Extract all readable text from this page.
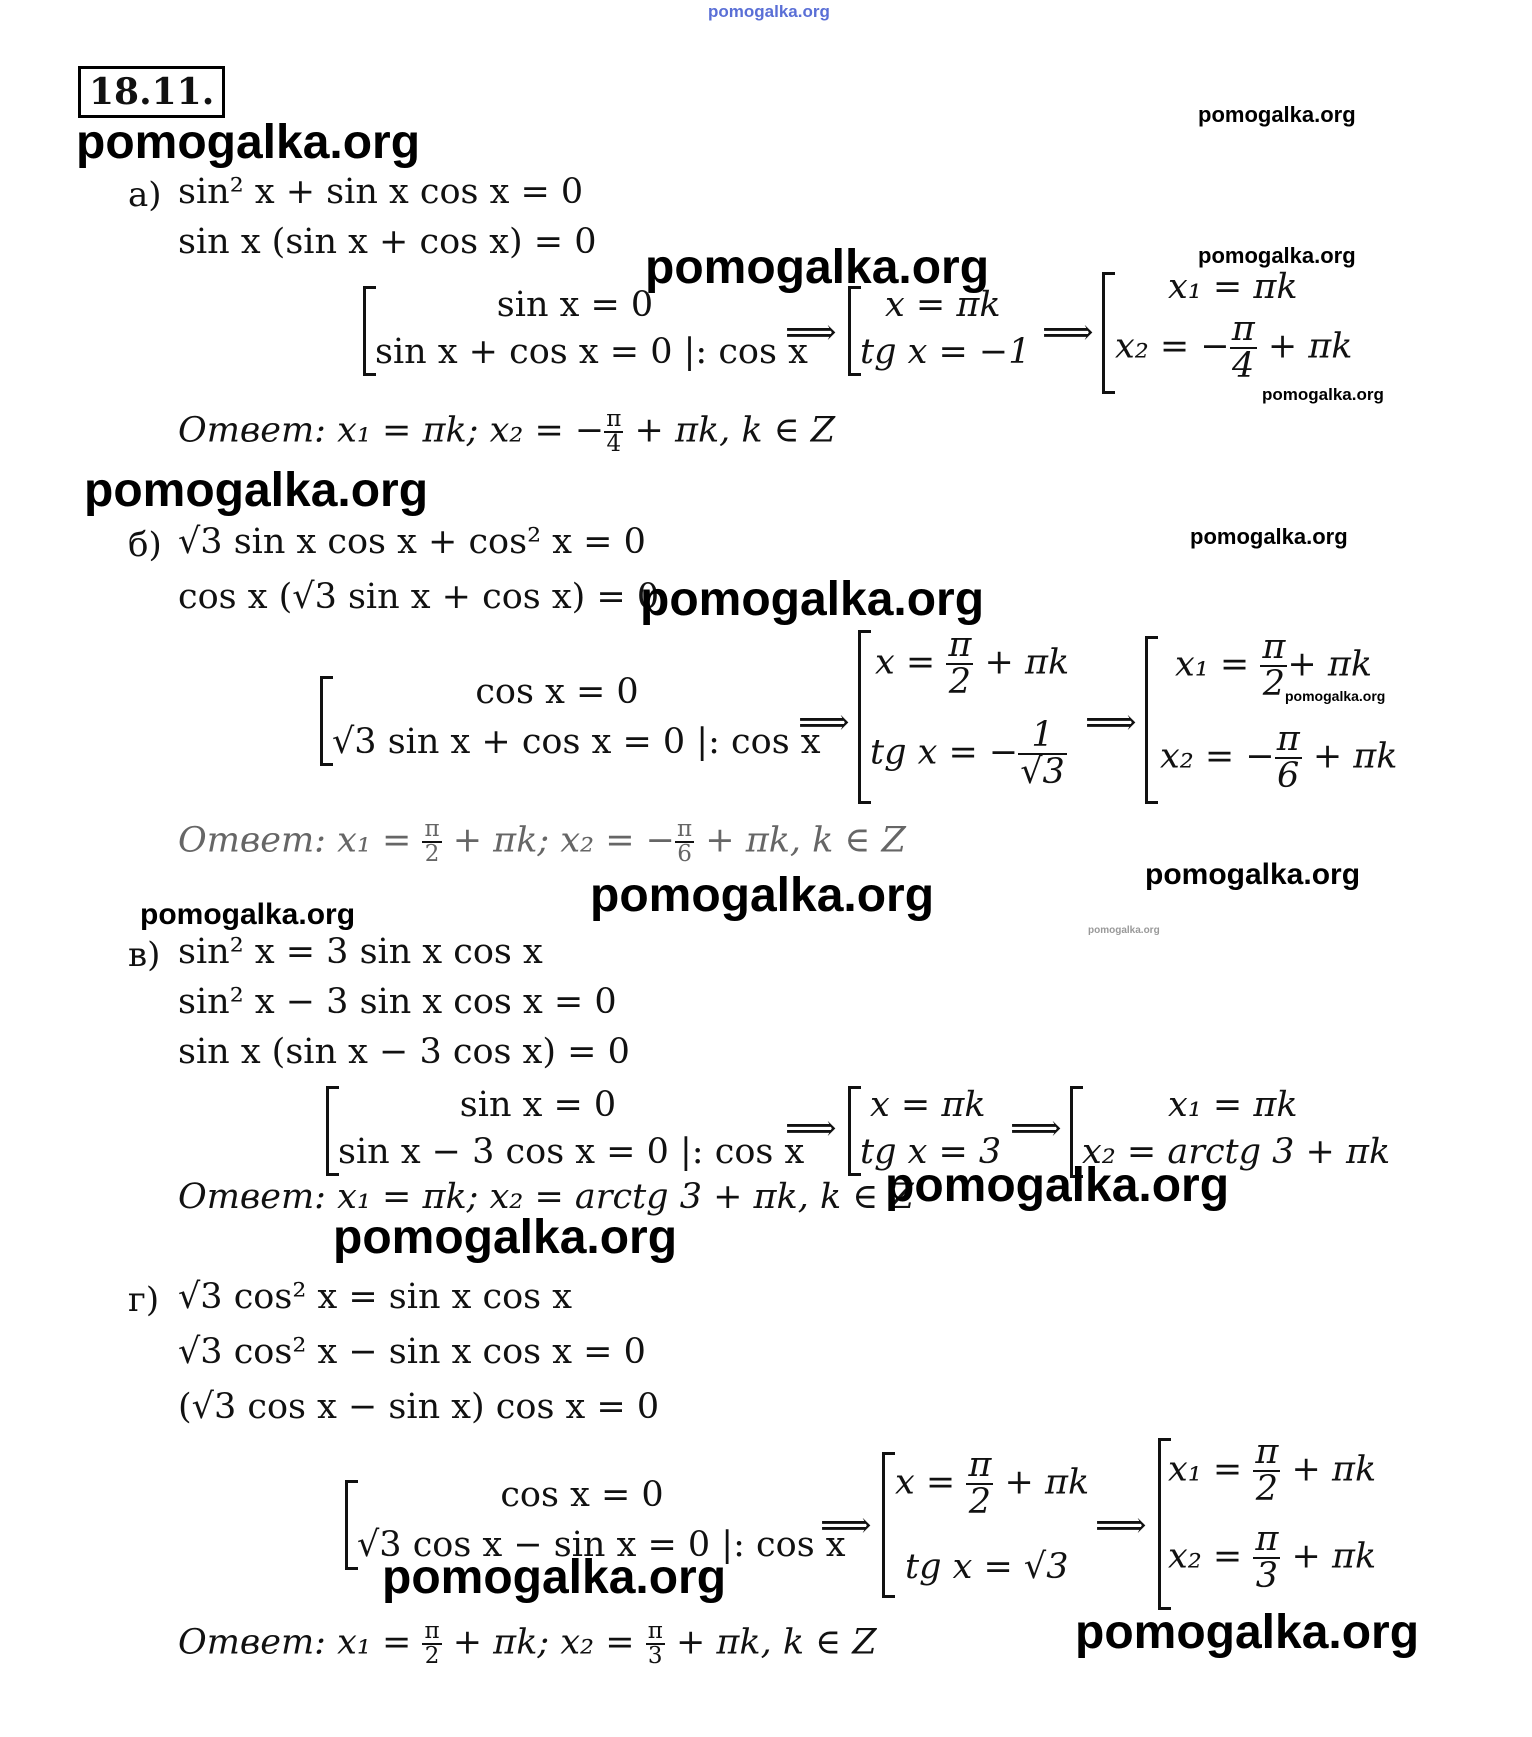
pomogalka.org
18.11.
pomogalka.org
pomogalka.org
а) sin² x + sin x cos x = 0
sin x (sin x + cos x) = 0 pomogalka.org	pomogalka.org
sin x = 0
sin x + cos x = 0 |: cos x
⟹
x = πk
tg x = −1 ⟹
x₁ = πk
x₂ = − $\frac{\pi}{4} + \pi k$
pomogalka.org
Ответ: x₁ = πk; x₂ = − $\frac{\pi}{4} + \pi k$, k ∈ Z
pomogalka.org
б) √3 sin x cos x + cos² x = 0	pomogalka.org
cos x (√3 sin x + cos x) = 0
pomogalka.org
cos x = 0
√3 sin x + cos x = 0 |: cos x
⟹
$x = \frac{\pi}{2} + \pi k$
tg x = − $\frac{1}{√3}$ ⟹
$x_1 = \frac{\pi}{2} + \pi k$
pomogalka.org
x₂ = − $\frac{\pi}{6} + \pi k$
Ответ: $x_1 = \frac{\pi}{2} + \pi k$; x₂ = − $\frac{\pi}{6} + \pi k$, k ∈ Z
pomogalka.org
pomogalka.org
pomogalka.org
в) sin² x = 3 sin x cos x
sin² x − 3 sin x cos x = 0
sin x (sin x − 3 cos x) = 0
sin x = 0
sin x − 3 cos x = 0 |: cos x
⟹
x = πk
tg x = 3
⟹
x₁ = πk
x₂ = arctg 3 + πk
Ответ: x₁ = πk; x₂ = arctg 3 + πk, k ∈ Z
pomogalka.org
pomogalka.org
г) √3 cos² x = sin x cos x
√3 cos² x − sin x cos x = 0
(√3 cos x − sin x) cos x = 0
cos x = 0
√3 cos x − sin x = 0 |: cos x
⟹
$x = \frac{\pi}{2} + \pi k$
tg x = √3
⟹
$x_1 = \frac{\pi}{2} + \pi k$
$x_2 = \frac{\pi}{3} + \pi k$
pomogalka.org
Ответ: $x_1 = \frac{\pi}{2} + \pi k$; $x_2 = \frac{\pi}{3} + \pi k$, k ∈ Z	pomogalka.org
pomogalka.org
